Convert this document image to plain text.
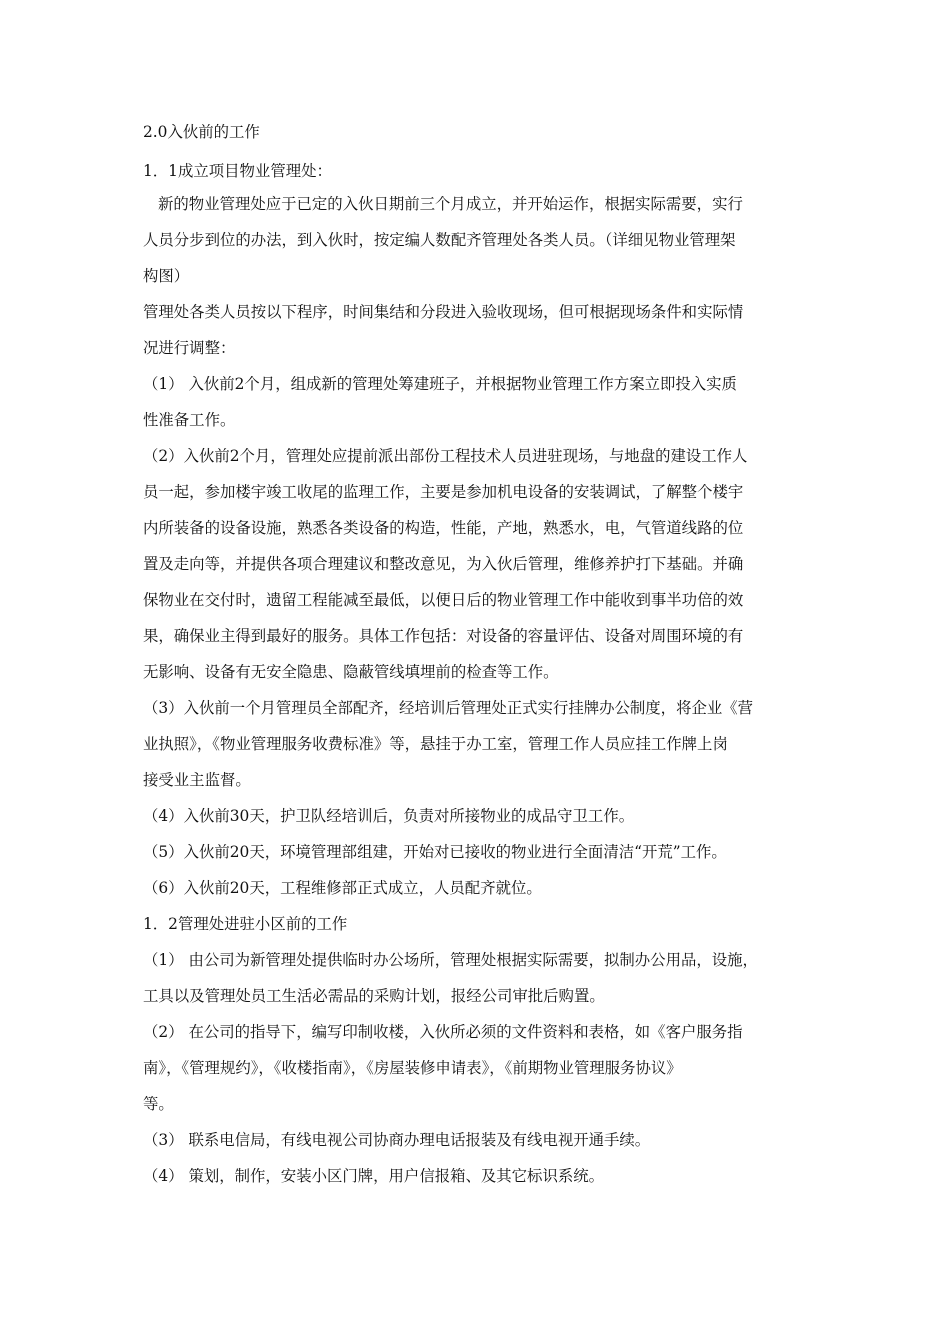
2.0入伙前的工作
1．1成立项目物业管理处：
新的物业管理处应于已定的入伙日期前三个月成立，并开始运作，根据实际需要，实行
人员分步到位的办法，到入伙时，按定编人数配齐管理处各类人员。（详细见物业管理架
构图）
管理处各类人员按以下程序，时间集结和分段进入验收现场，但可根据现场条件和实际情
况进行调整：
（1） 入伙前2个月，组成新的管理处筹建班子，并根据物业管理工作方案立即投入实质
性准备工作。
（2）入伙前2个月，管理处应提前派出部份工程技术人员进驻现场，与地盘的建设工作人
员一起，参加楼宇竣工收尾的监理工作，主要是参加机电设备的安装调试，了解整个楼宇
内所装备的设备设施，熟悉各类设备的构造，性能，产地，熟悉水，电，气管道线路的位
置及走向等，并提供各项合理建议和整改意见，为入伙后管理，维修养护打下基础。并确
保物业在交付时，遗留工程能减至最低，以便日后的物业管理工作中能收到事半功倍的效
果，确保业主得到最好的服务。具体工作包括：对设备的容量评估、设备对周围环境的有
无影响、设备有无安全隐患、隐蔽管线填埋前的检查等工作。
（3）入伙前一个月管理员全部配齐，经培训后管理处正式实行挂牌办公制度，将企业《营
业执照》，《物业管理服务收费标准》等，悬挂于办工室，管理工作人员应挂工作牌上岗
接受业主监督。
（4）入伙前30天，护卫队经培训后，负责对所接物业的成品守卫工作。
（5）入伙前20天，环境管理部组建，开始对已接收的物业进行全面清洁“开荒”工作。
（6）入伙前20天，工程维修部正式成立，人员配齐就位。
1．2管理处进驻小区前的工作
（1） 由公司为新管理处提供临时办公场所，管理处根据实际需要，拟制办公用品，设施，
工具以及管理处员工生活必需品的采购计划，报经公司审批后购置。
（2） 在公司的指导下，编写印制收楼，入伙所必须的文件资料和表格，如《客户服务指
南》，《管理规约》，《收楼指南》，《房屋装修申请表》，《前期物业管理服务协议》
等。
（3） 联系电信局，有线电视公司协商办理电话报装及有线电视开通手续。
（4） 策划，制作，安装小区门牌，用户信报箱、及其它标识系统。
